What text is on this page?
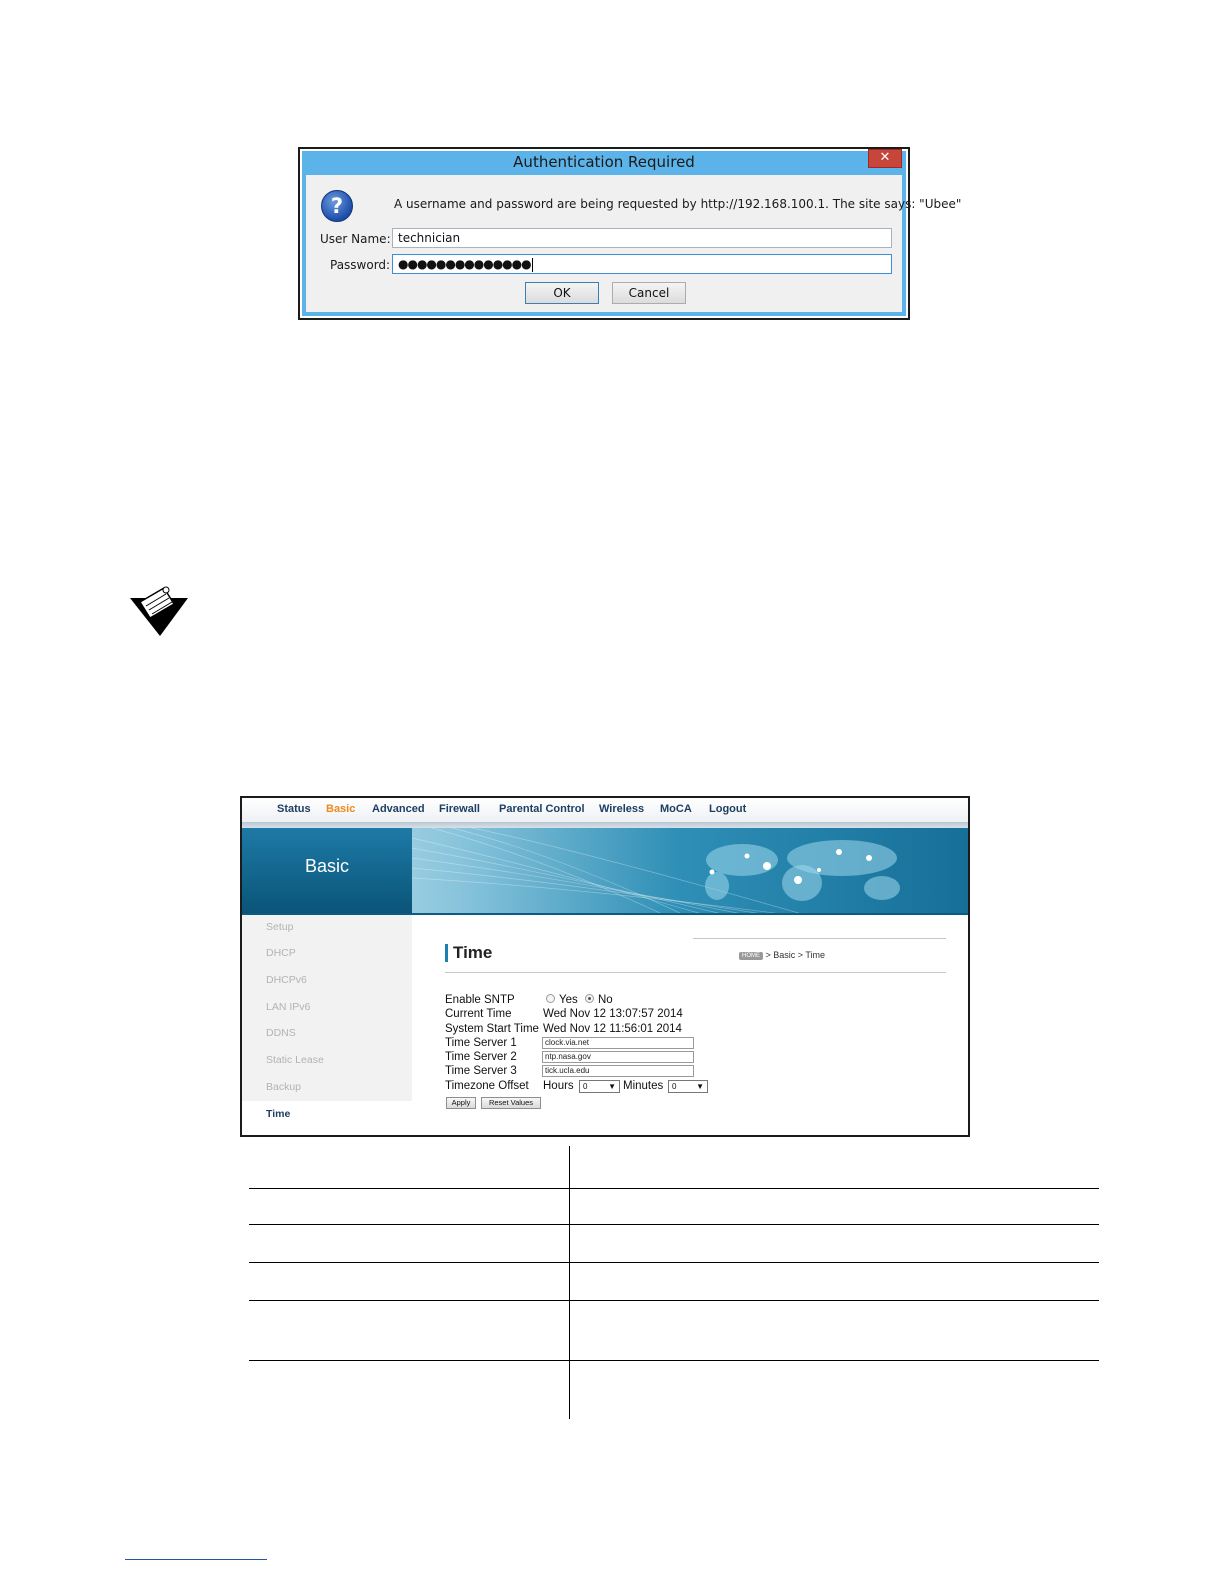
Authentication Required	✕
?	A username and password are being requested by http://192.168.100.1. The site says: "Ubee"
User Name: technician
Password: ●●●●●●●●●●●●●●
OK	Cancel
Status Basic Advanced Firewall Parental Control Wireless MoCA Logout
Basic
Setup
DHCP
DHCPv6
LAN IPv6
DDNS
Static Lease
Backup
Time
Time	HOME > Basic > Time
Enable SNTP	Yes No
Current Time	Wed Nov 12 13:07:57 2014
System Start Time Wed Nov 12 11:56:01 2014
Time Server 1	clock.via.net
Time Server 2	ntp.nasa.gov
Time Server 3	tick.ucla.edu
Timezone Offset Hours	0	▼ Minutes	0 ▼
Apply	Reset Values
